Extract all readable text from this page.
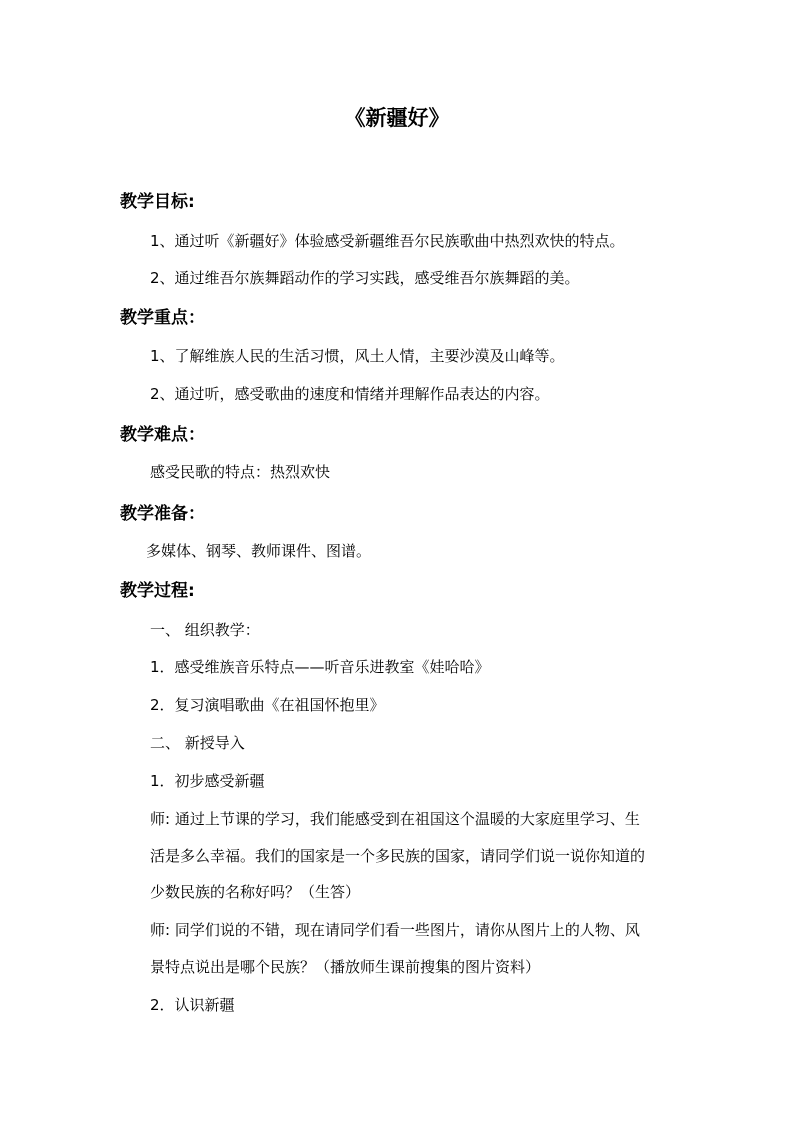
《新疆好》
教学目标:
1、通过听《新疆好》体验感受新疆维吾尔民族歌曲中热烈欢快的特点。
2、通过维吾尔族舞蹈动作的学习实践，感受维吾尔族舞蹈的美。
教学重点：
1、了解维族人民的生活习惯，风土人情，主要沙漠及山峰等。
2、通过听，感受歌曲的速度和情绪并理解作品表达的内容。
教学难点：
感受民歌的特点：热烈欢快
教学准备：
多媒体、钢琴、教师课件、图谱。
教学过程:
一、 组织教学：
1．感受维族音乐特点——听音乐进教室《娃哈哈》
2．复习演唱歌曲《在祖国怀抱里》
二、 新授导入
1．初步感受新疆
师: 通过上节课的学习，我们能感受到在祖国这个温暖的大家庭里学习、生
活是多么幸福。我们的国家是一个多民族的国家，请同学们说一说你知道的
少数民族的名称好吗？（生答）
师: 同学们说的不错，现在请同学们看一些图片，请你从图片上的人物、风
景特点说出是哪个民族？（播放师生课前搜集的图片资料）
2．认识新疆
